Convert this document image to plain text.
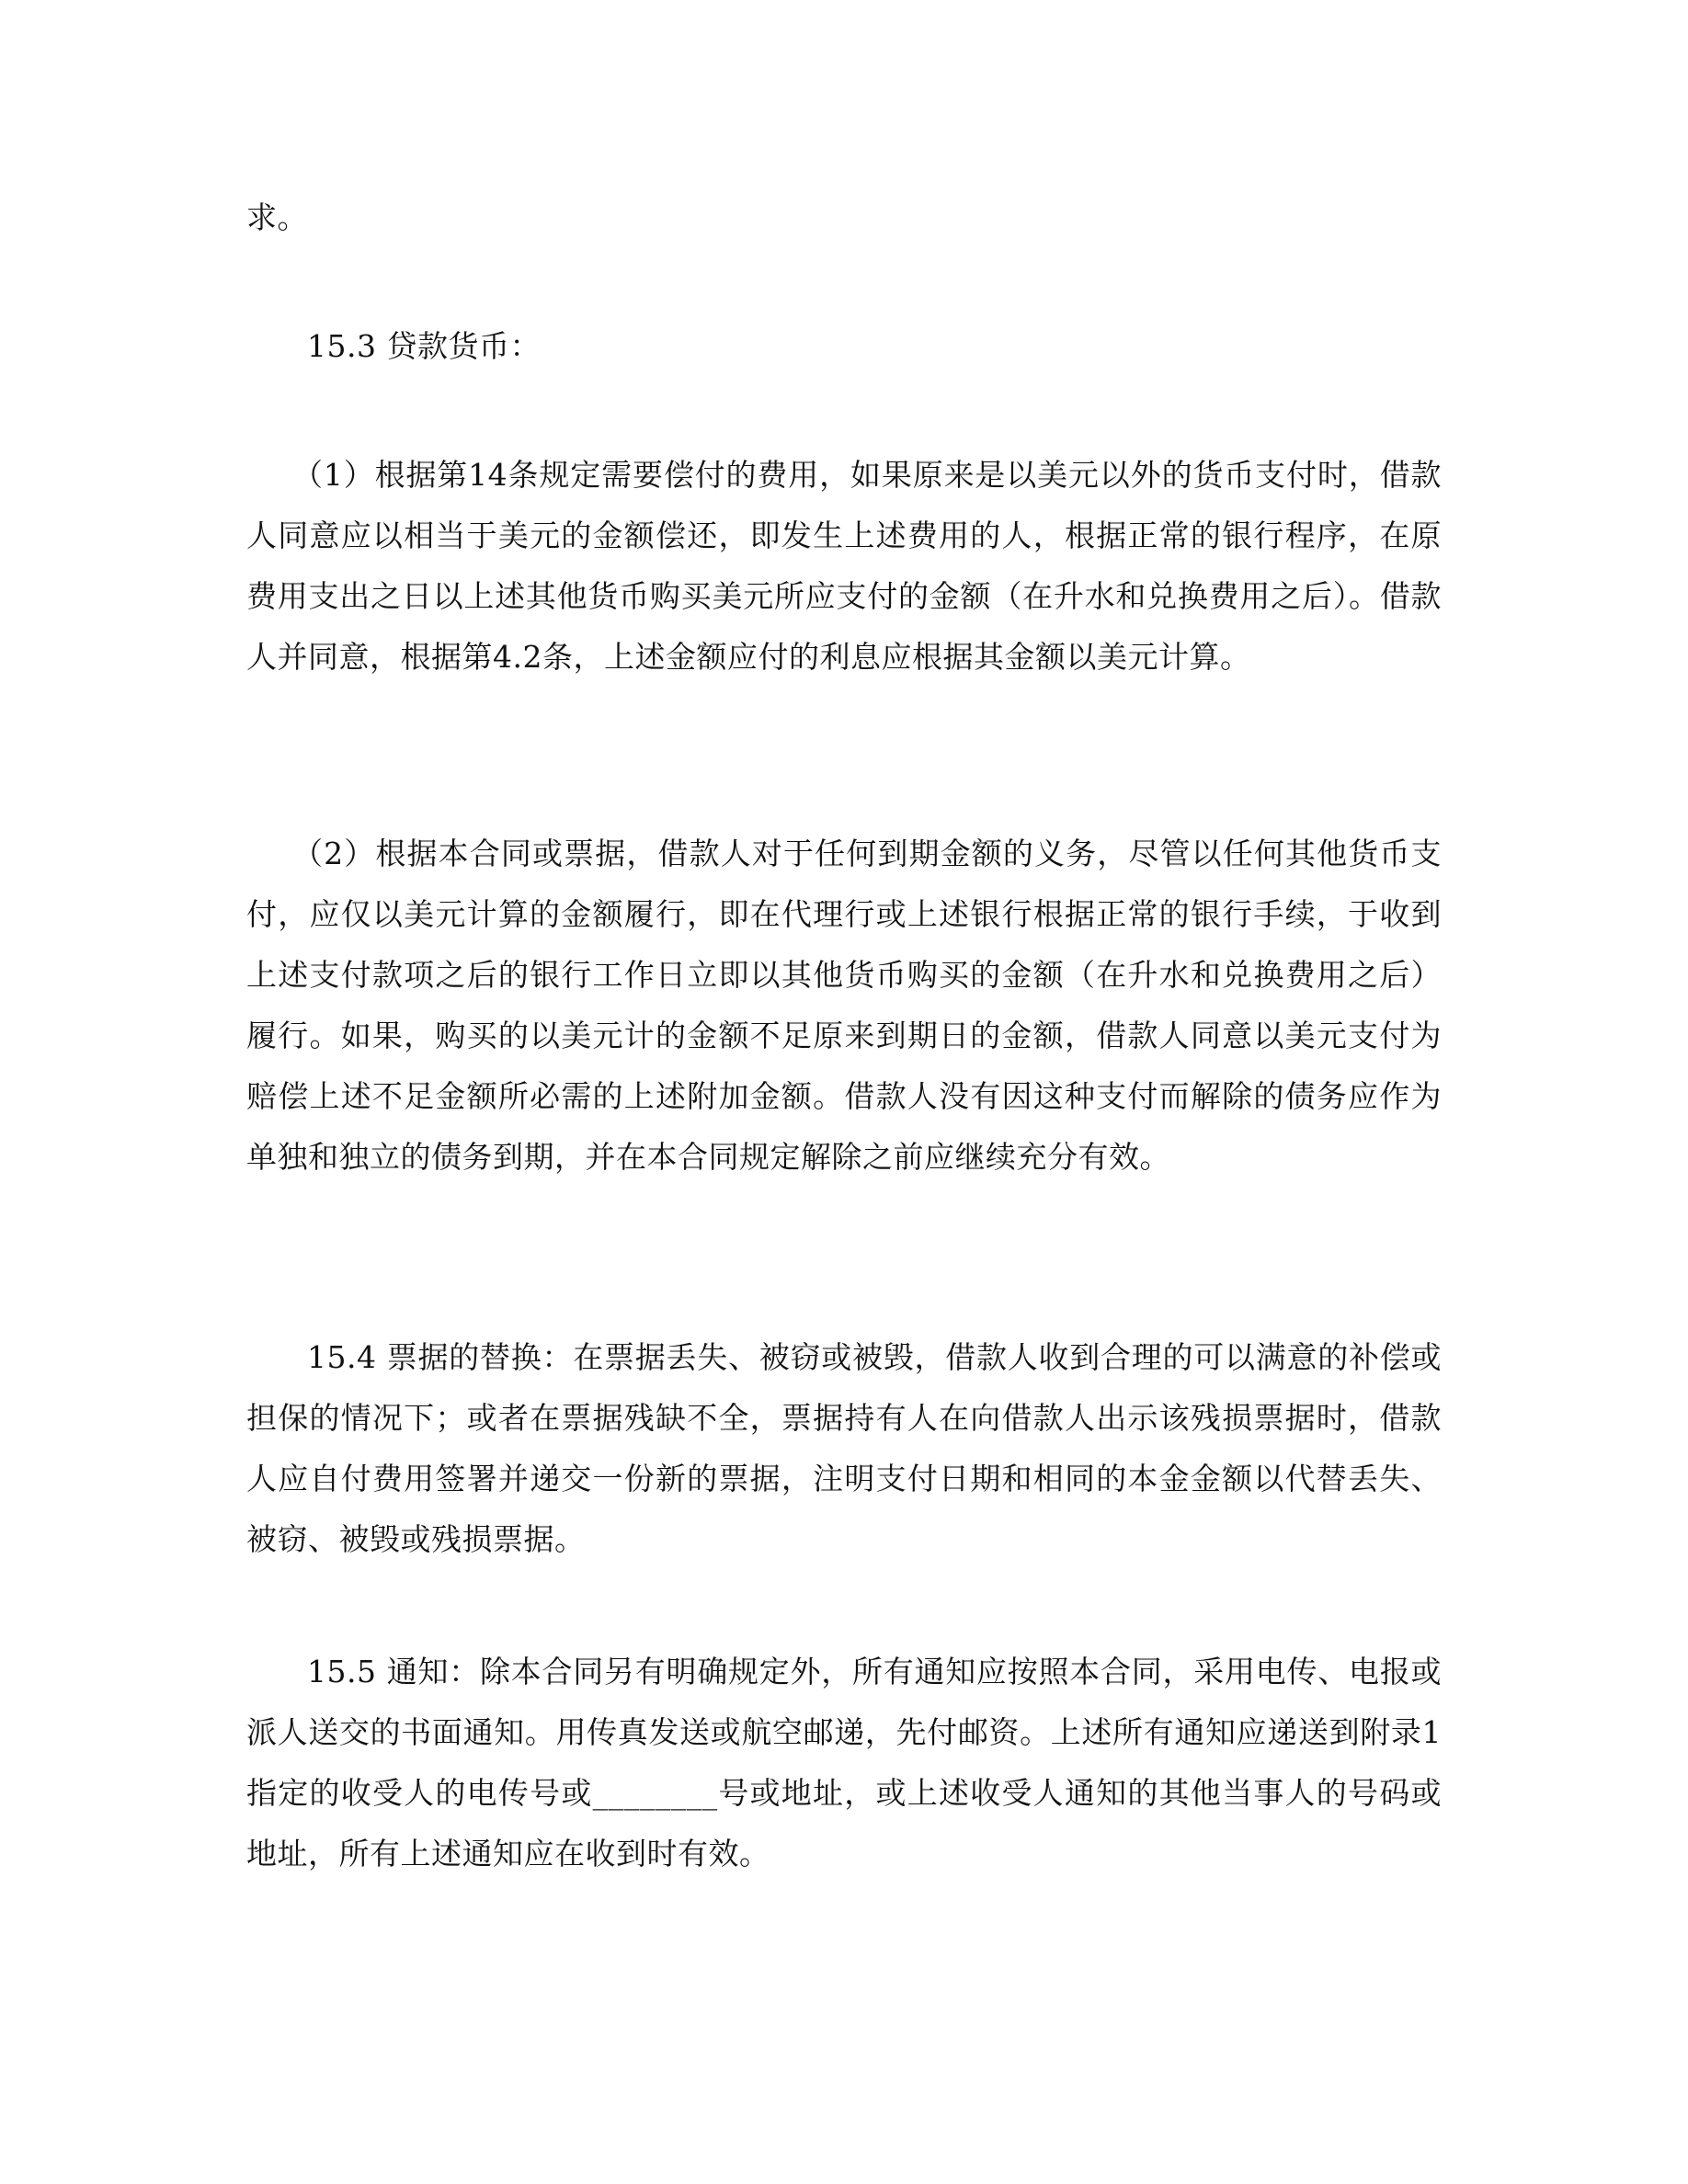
求。

15.3 贷款货币：

（1）根据第14条规定需要偿付的费用，如果原来是以美元以外的货币支付时，借款人同意应以相当于美元的金额偿还，即发生上述费用的人，根据正常的银行程序，在原费用支出之日以上述其他货币购买美元所应支付的金额（在升水和兑换费用之后）。借款人并同意，根据第4.2条，上述金额应付的利息应根据其金额以美元计算。

（2）根据本合同或票据，借款人对于任何到期金额的义务，尽管以任何其他货币支付，应仅以美元计算的金额履行，即在代理行或上述银行根据正常的银行手续，于收到上述支付款项之后的银行工作日立即以其他货币购买的金额（在升水和兑换费用之后）履行。如果，购买的以美元计的金额不足原来到期日的金额，借款人同意以美元支付为赔偿上述不足金额所必需的上述附加金额。借款人没有因这种支付而解除的债务应作为单独和独立的债务到期，并在本合同规定解除之前应继续充分有效。

15.4 票据的替换：在票据丢失、被窃或被毁，借款人收到合理的可以满意的补偿或担保的情况下；或者在票据残缺不全，票据持有人在向借款人出示该残损票据时，借款人应自付费用签署并递交一份新的票据，注明支付日期和相同的本金金额以代替丢失、被窃、被毁或残损票据。

15.5 通知：除本合同另有明确规定外，所有通知应按照本合同，采用电传、电报或派人送交的书面通知。用传真发送或航空邮递，先付邮资。上述所有通知应递送到附录1指定的收受人的电传号或________号或地址，或上述收受人通知的其他当事人的号码或地址，所有上述通知应在收到时有效。
